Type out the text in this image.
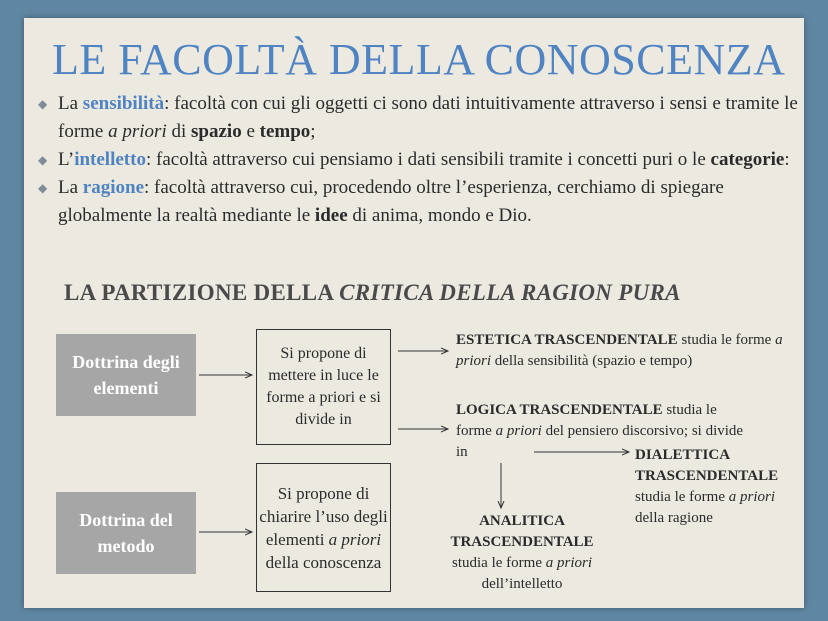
LE FACOLTÀ DELLA CONOSCENZA

◆ La sensibilità: facoltà con cui gli oggetti ci sono dati intuitivamente attraverso i sensi e tramite le forme a priori di spazio e tempo;

◆ L’intelletto: facoltà attraverso cui pensiamo i dati sensibili tramite i concetti puri o le categorie:

◆ La ragione: facoltà attraverso cui, procedendo oltre l’esperienza, cerchiamo di spiegare globalmente la realtà mediante le idee di anima, mondo e Dio.

LA PARTIZIONE DELLA CRITICA DELLA RAGION PURA
Dottrina degli elementi
Dottrina del metodo
Si propone di mettere in luce le forme a priori e si divide in
Si propone di chiarire l’uso degli elementi a priori della conoscenza
ESTETICA TRASCENDENTALE studia le forme a priori della sensibilità (spazio e tempo)
LOGICA TRASCENDENTALE studia le forme a priori del pensiero discorsivo; si divide in	DIALETTICA TRASCENDENTALE
studia le forme a priori della ragione
ANALITICA TRASCENDENTALE
studia le forme a priori dell’intelletto
